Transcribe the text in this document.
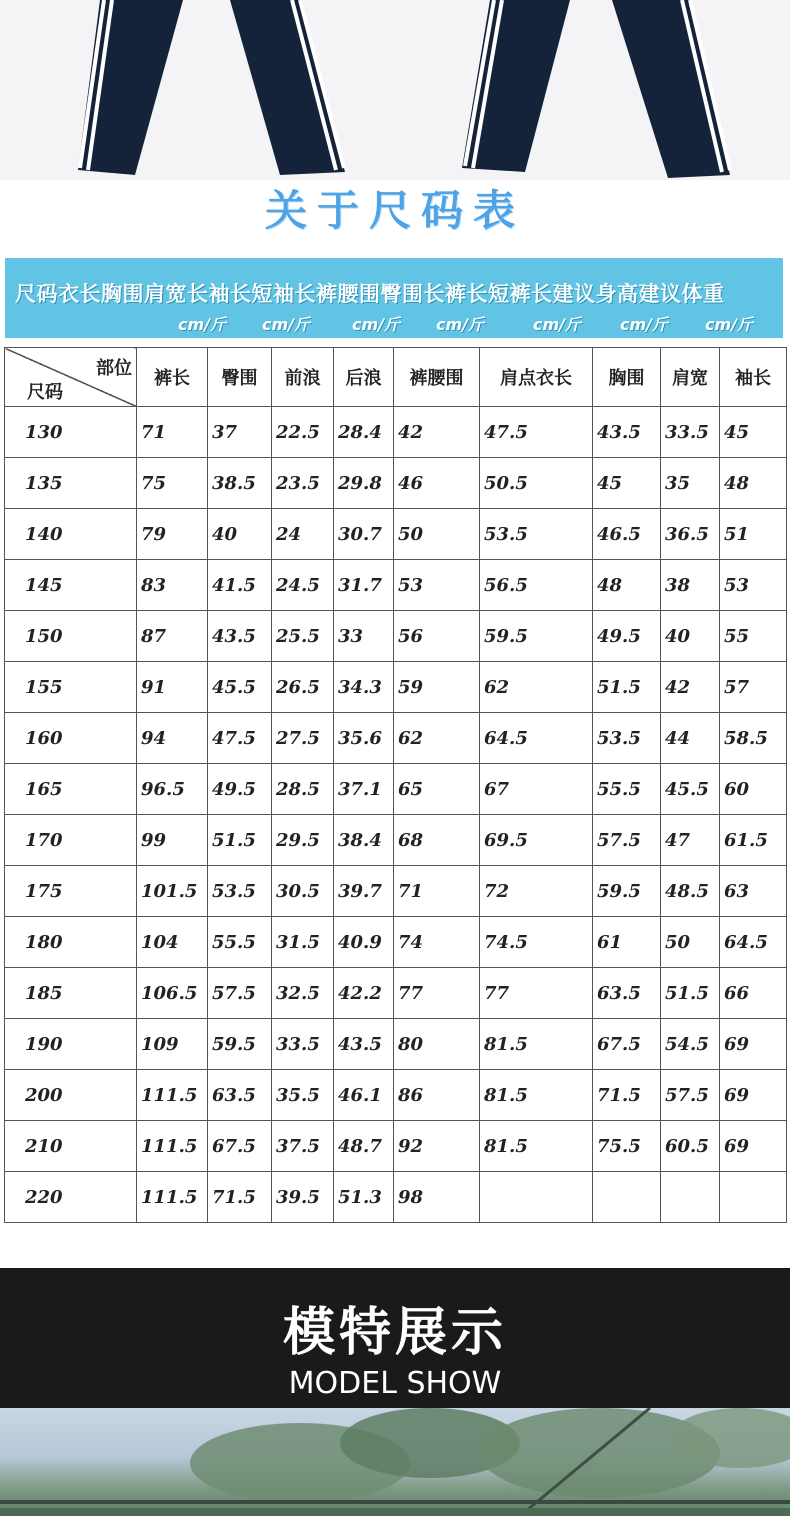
关于尺码表
尺码衣长胸围肩宽长袖长短袖长裤腰围臀围长裤长短裤长建议身高建议体重
cm/斤 cm/斤	cm/斤 cm/斤	cm/斤 cm/斤 cm/斤
部位
尺码	裤长	臀围	前浪	后浪	裤腰围	肩点衣长	胸围	肩宽	袖长
130	71	37	22.5	28.4	42	47.5	43.5	33.5	45
135	75	38.5	23.5	29.8	46	50.5	45	35	48
140	79	40	24	30.7	50	53.5	46.5	36.5	51
145	83	41.5	24.5	31.7	53	56.5	48	38	53
150	87	43.5	25.5	33	56	59.5	49.5	40	55
155	91	45.5	26.5	34.3	59	62	51.5	42	57
160	94	47.5	27.5	35.6	62	64.5	53.5	44	58.5
165	96.5	49.5	28.5	37.1	65	67	55.5	45.5	60
170	99	51.5	29.5	38.4	68	69.5	57.5	47	61.5
175	101.5	53.5	30.5	39.7	71	72	59.5	48.5	63
180	104	55.5	31.5	40.9	74	74.5	61	50	64.5
185	106.5	57.5	32.5	42.2	77	77	63.5	51.5	66
190	109	59.5	33.5	43.5	80	81.5	67.5	54.5	69
200	111.5	63.5	35.5	46.1	86	81.5	71.5	57.5	69
210	111.5	67.5	37.5	48.7	92	81.5	75.5	60.5	69
220	111.5	71.5	39.5	51.3	98				
模特展示
MODEL SHOW
